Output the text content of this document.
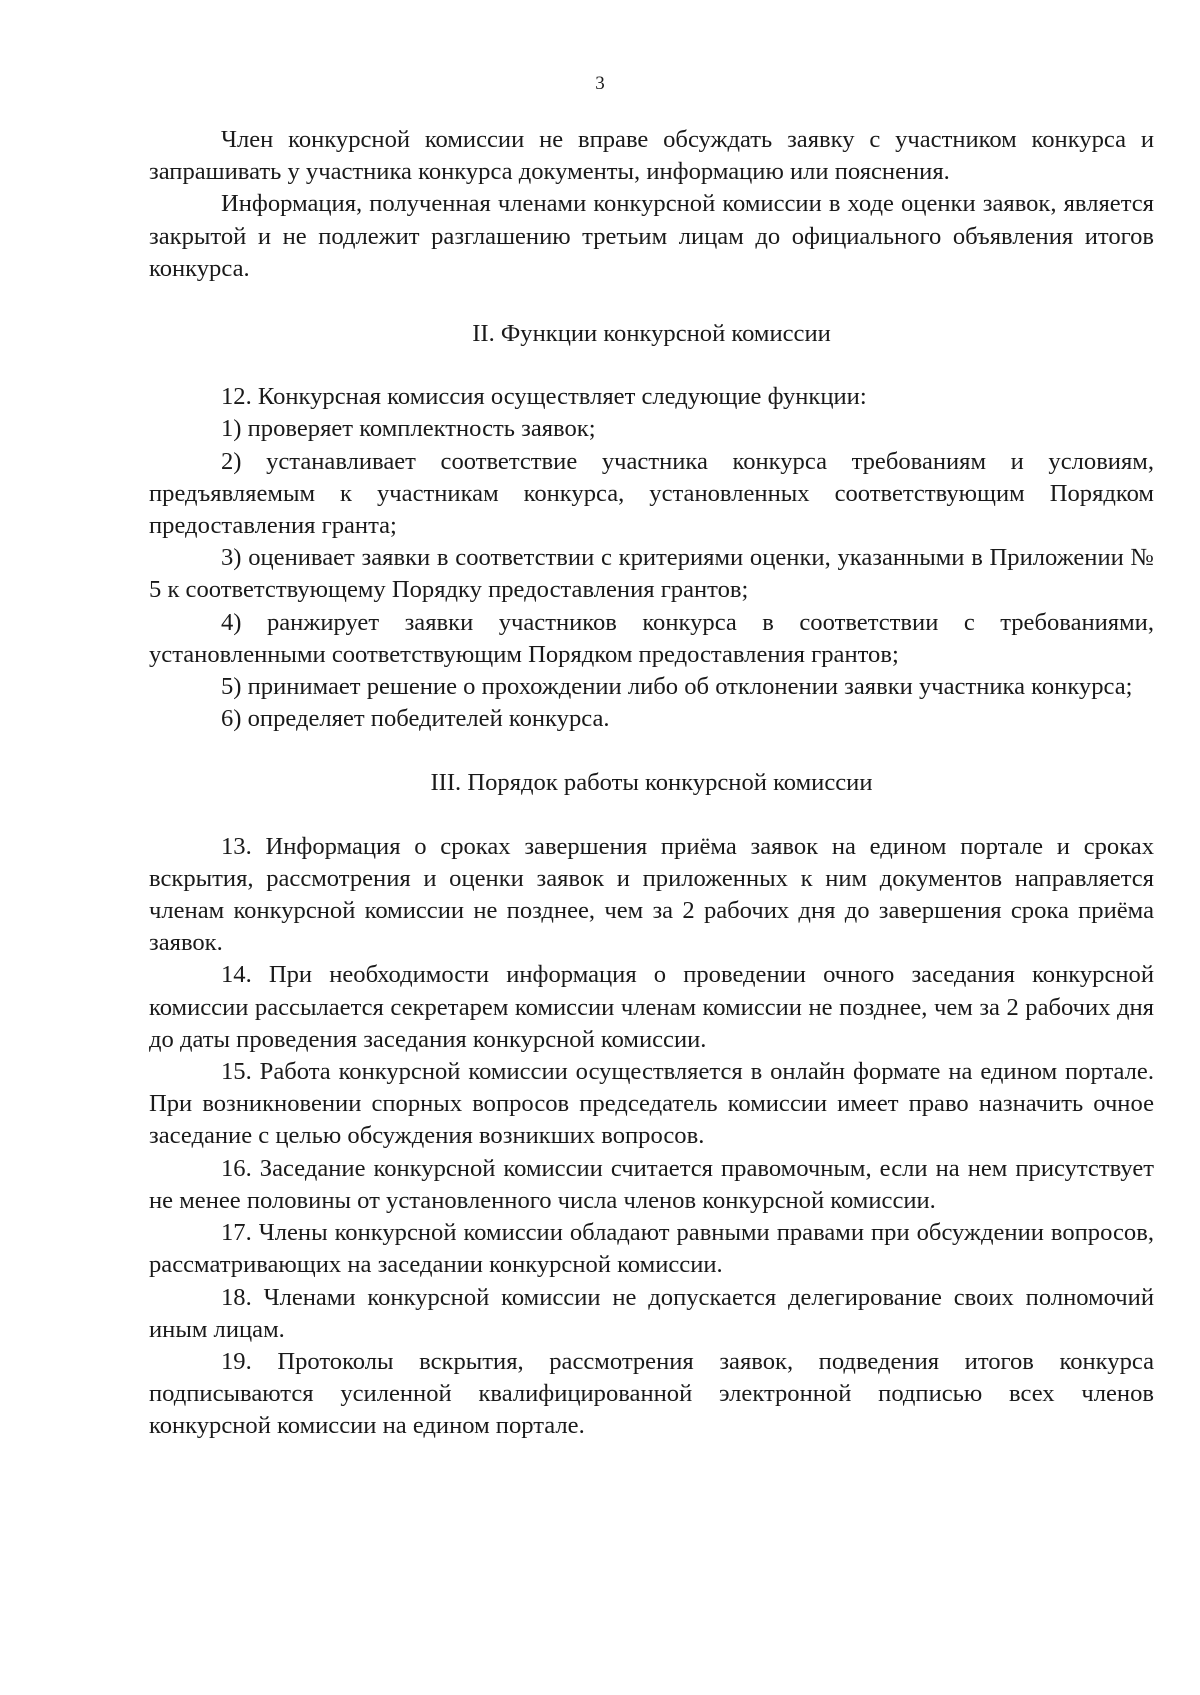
3

Член конкурсной комиссии не вправе обсуждать заявку с участником конкурса и запрашивать у участника конкурса документы, информацию или пояснения.

Информация, полученная членами конкурсной комиссии в ходе оценки заявок, является закрытой и не подлежит разглашению третьим лицам до официального объявления итогов конкурса.

II. Функции конкурсной комиссии

12. Конкурсная комиссия осуществляет следующие функции:

1) проверяет комплектность заявок;

2) устанавливает соответствие участника конкурса требованиям и условиям, предъявляемым к участникам конкурса, установленных соответствующим Порядком предоставления гранта;

3) оценивает заявки в соответствии с критериями оценки, указанными в Приложении № 5 к соответствующему Порядку предоставления грантов;

4) ранжирует заявки участников конкурса в соответствии с требованиями, установленными соответствующим Порядком предоставления грантов;

5) принимает решение о прохождении либо об отклонении заявки участника конкурса;

6) определяет победителей конкурса.

III. Порядок работы конкурсной комиссии

13. Информация о сроках завершения приёма заявок на едином портале и сроках вскрытия, рассмотрения и оценки заявок и приложенных к ним документов направляется членам конкурсной комиссии не позднее, чем за 2 рабочих дня до завершения срока приёма заявок.

14. При необходимости информация о проведении очного заседания конкурсной комиссии рассылается секретарем комиссии членам комиссии не позднее, чем за 2 рабочих дня до даты проведения заседания конкурсной комиссии.

15. Работа конкурсной комиссии осуществляется в онлайн формате на едином портале. При возникновении спорных вопросов председатель комиссии имеет право назначить очное заседание с целью обсуждения возникших вопросов.

16. Заседание конкурсной комиссии считается правомочным, если на нем присутствует не менее половины от установленного числа членов конкурсной комиссии.

17. Члены конкурсной комиссии обладают равными правами при обсуждении вопросов, рассматривающих на заседании конкурсной комиссии.

18. Членами конкурсной комиссии не допускается делегирование своих полномочий иным лицам.

19. Протоколы вскрытия, рассмотрения заявок, подведения итогов конкурса подписываются усиленной квалифицированной электронной подписью всех членов конкурсной комиссии на едином портале.
